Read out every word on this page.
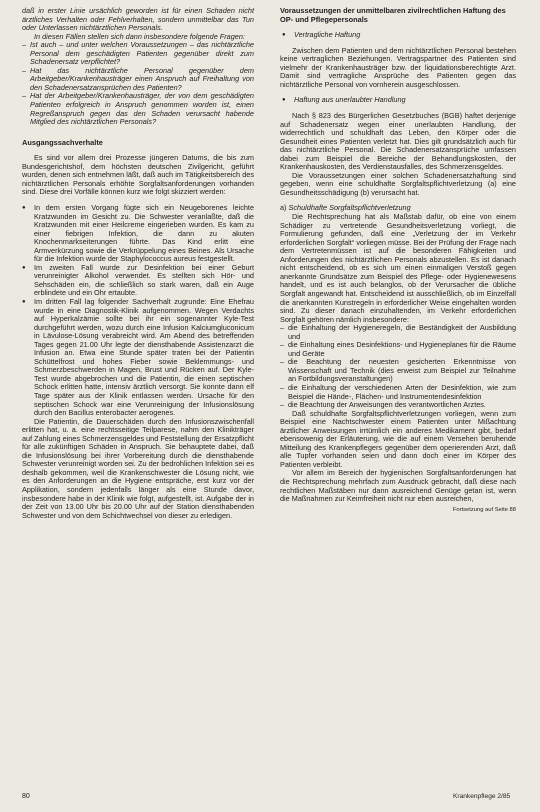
daß in erster Linie ursächlich geworden ist für einen Schaden nicht ärztliches Verhalten oder Fehlverhalten, sondern unmittelbar das Tun oder Unterlassen nichtärztlichen Personals.

In diesen Fällen stellen sich dann insbesondere folgende Fragen:

– Ist auch – und unter welchen Voraussetzungen – das nichtärztliche Personal dem geschädigten Patienten gegenüber direkt zum Schadenersatz verpflichtet?
– Hat das nichtärztliche Personal gegenüber dem Arbeitgeber/Krankenhausträger einen Anspruch auf Freihaltung von den Schadenersatzansprüchen des Patienten?
– Hat der Arbeitgeber/Krankenhausträger, der von dem geschädigten Patienten erfolgreich in Anspruch genommen worden ist, einen Regreßanspruch gegen das den Schaden verursacht habende Mitglied des nichtärztlichen Personals?
Ausgangssachverhalte

Es sind vor allem drei Prozesse jüngeren Datums, die bis zum Bundesgerichtshof, dem höchsten deutschen Zivilgericht, geführt wurden, denen sich entnehmen läßt, daß auch im Tätigkeitsbereich des nichtärztlichen Personals erhöhte Sorgfaltsanforderungen vorhanden sind. Diese drei Vorfälle können kurz wie folgt skizziert werden:

● In dem ersten Vorgang fügte sich ein Neugeborenes leichte Kratzwunden im Gesicht zu. Die Schwester veranlaßte, daß die Kratzwunden mit einer Heilcreme eingerieben wurden. Es kam zu einer fiebrigen Infektion, die dann zu akuten Knochenmarkseiterungen führte. Das Kind erlitt eine Armverkürzung sowie die Verkrüppelung eines Beines. Als Ursache für die Infektion wurde der Staphylococcus aureus festgestellt.
● Im zweiten Fall wurde zur Desinfektion bei einer Geburt verunreinigter Alkohol verwendet. Es stellten sich Hör- und Sehschäden ein, die schließlich so stark waren, daß ein Auge erblindete und ein Ohr ertaubte.
● Im dritten Fall lag folgender Sachverhalt zugrunde: Eine Ehefrau wurde in eine Diagnostik-Klinik aufgenommen. Wegen Verdachts auf Hyperkalzämie sollte bei ihr ein sogenannter Kyle-Test durchgeführt werden, wozu durch eine Infusion Kalciumgluconicum in Lävulose-Lösung verabreicht wird. Am Abend des betreffenden Tages gegen 21.00 Uhr legte der diensthabende Assistenzarzt die Infusion an. Etwa eine Stunde später traten bei der Patientin Schüttelfrost und hohes Fieber sowie Beklemmungs- und Schmerzbeschwerden in Magen, Brust und Rücken auf. Der Kyle-Test wurde abgebrochen und die Patientin, die einen septischen Schock erlitten hatte, intensiv ärztlich versorgt. Sie konnte dann elf Tage später aus der Klinik entlassen werden. Ursache für den septischen Schock war eine Verunreinigung der Infusionslösung durch den Bacillus enterobacter aerogenes.

Die Patientin, die Dauerschäden durch den Infusionszwischenfall erlitten hat, u. a. eine rechtsseitige Teilparese, nahm den Klinikträger auf Zahlung eines Schmerzensgeldes und Feststellung der Ersatzpflicht für alle zukünftigen Schäden in Anspruch. Sie behauptete dabei, daß die Infusionslösung bei ihrer Vorbereitung durch die diensthabende Schwester verunreinigt worden sei. Zu der bedrohlichen Infektion sei es deshalb gekommen, weil die Krankenschwester die Lösung nicht, wie es den Anforderungen an die Hygiene entspräche, erst kurz vor der Applikation, sondern jedenfalls länger als eine Stunde davor, insbesondere habe in der Klinik wie folgt, aufgestellt, ist. Aufgabe der in der Zeit von 13.00 Uhr bis 20.00 Uhr auf der Station diensthabenden Schwester und von dem Schichtwechsel von dieser zu erledigen.

Voraussetzungen der unmittelbaren zivilrechtlichen Haftung des OP- und Pflegepersonals

● Vertragliche Haftung

Zwischen dem Patienten und dem nichtärztlichen Personal bestehen keine vertraglichen Beziehungen. Vertragspartner des Patienten sind vielmehr der Krankenhausträger bzw. der liquidationsberechtigte Arzt. Damit sind vertragliche Ansprüche des Patienten gegen das nichtärztliche Personal von vornherein ausgeschlossen.

● Haftung aus unerlaubter Handlung

Nach § 823 des Bürgerlichen Gesetzbuches (BGB) haftet derjenige auf Schadenersatz wegen einer unerlaubten Handlung, der widerrechtlich und schuldhaft das Leben, den Körper oder die Gesundheit eines Patienten verletzt hat. Dies gilt grundsätzlich auch für das nichtärztliche Personal. Die Schadenersatzansprüche umfassen dabei zum Beispiel die Bereiche der Behandlungskosten, der Krankenhauskosten, des Verdienstausfalles, des Schmerzensgeldes.

Die Voraussetzungen einer solchen Schadenersatzhaftung sind gegeben, wenn eine schuldhafte Sorgfaltspflichtverletzung (a) eine Gesundheitsschädigung (b) verursacht hat.

a) Schuldhafte Sorgfaltspflichtverletzung

Die Rechtsprechung hat als Maßstab dafür, ob eine von einem Schädiger zu vertretende Gesundheitsverletzung vorliegt, die Formulierung gefunden, daß eine „Verletzung der im Verkehr erforderlichen Sorgfalt“ vorliegen müsse. Bei der Prüfung der Frage nach dem Vertretenmüssen ist auf die besonderen Fähigkeiten und Anforderungen des nichtärztlichen Personals abzustellen. Es ist danach nicht entscheidend, ob es sich um einen einmaligen Verstoß gegen anerkannte Grundsätze zum Beispiel des Pflege- oder Hygienewesens handelt, und es ist auch belanglos, ob der Verursacher die übliche Sorgfalt angewandt hat. Entscheidend ist ausschließlich, ob im Einzelfall die anerkannten Kunstregeln in erforderlicher Weise eingehalten worden sind. Zu dieser danach einzuhaltenden, im Verkehr erforderlichen Sorgfalt gehören nämlich insbesondere:

– die Einhaltung der Hygieneregeln, die Beständigkeit der Ausbildung und
– die Einhaltung eines Desinfektions- und Hygieneplanes für die Räume und Geräte
– die Beachtung der neuesten gesicherten Erkenntnisse von Wissenschaft und Technik (dies erweist zum Beispiel zur Teilnahme an Fortbildungsveranstaltungen)
– die Einhaltung der verschiedenen Arten der Desinfektion, wie zum Beispiel die Hände-, Flächen- und Instrumentendesinfektion
– die Beachtung der Anweisungen des verantwortlichen Arztes.

Daß schuldhafte Sorgfaltspflichtverletzungen vorliegen, wenn zum Beispiel eine Nachtschwester einem Patienten unter Mißachtung ärztlicher Anweisungen irrtümlich ein anderes Medikament gibt, bedarf ebensowenig der Erläuterung, wie die auf einem Versehen beruhende Mitteilung des Krankenpflegers gegenüber dem operierenden Arzt, daß alle Tupfer vorhanden seien und dann doch einer im Körper des Patienten verbleibt.

Vor allem im Bereich der hygienischen Sorgfaltsanforderungen hat die Rechtsprechung mehrfach zum Ausdruck gebracht, daß diese nach rechtlichen Maßstäben nur dann ausreichend Genüge getan ist, wenn die Maßnahmen zur Keimfreiheit nicht nur eben ausreichen,

Fortsetzung auf Seite 88
80	Krankenpflege 2/85
